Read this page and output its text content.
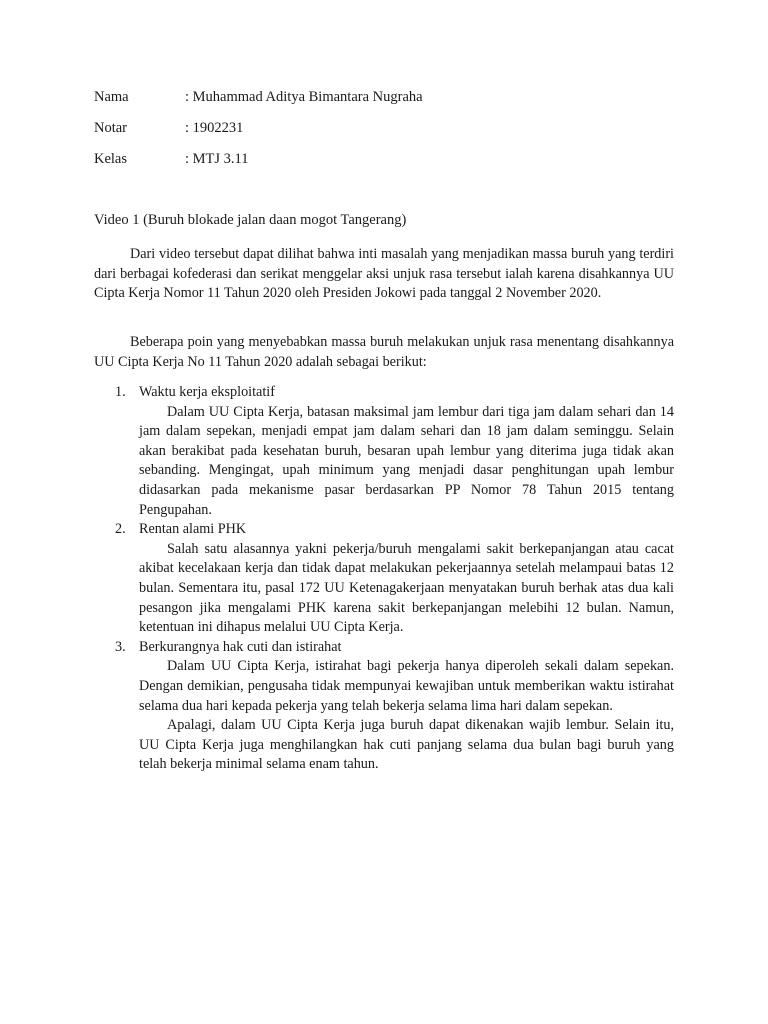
Nama	: Muhammad Aditya Bimantara Nugraha
Notar	: 1902231
Kelas	: MTJ 3.11
Video 1 (Buruh blokade jalan daan mogot Tangerang)

Dari video tersebut dapat dilihat bahwa inti masalah yang menjadikan massa buruh yang terdiri dari berbagai kofederasi dan serikat menggelar aksi unjuk rasa tersebut ialah karena disahkannya UU Cipta Kerja Nomor 11 Tahun 2020 oleh Presiden Jokowi pada tanggal 2 November 2020.

Beberapa poin yang menyebabkan massa buruh melakukan unjuk rasa menentang disahkannya UU Cipta Kerja No 11 Tahun 2020 adalah sebagai berikut:

1. Waktu kerja eksploitatif

Dalam UU Cipta Kerja, batasan maksimal jam lembur dari tiga jam dalam sehari dan 14 jam dalam sepekan, menjadi empat jam dalam sehari dan 18 jam dalam seminggu. Selain akan berakibat pada kesehatan buruh, besaran upah lembur yang diterima juga tidak akan sebanding. Mengingat, upah minimum yang menjadi dasar penghitungan upah lembur didasarkan pada mekanisme pasar berdasarkan PP Nomor 78 Tahun 2015 tentang Pengupahan.

2. Rentan alami PHK

Salah satu alasannya yakni pekerja/buruh mengalami sakit berkepanjangan atau cacat akibat kecelakaan kerja dan tidak dapat melakukan pekerjaannya setelah melampaui batas 12 bulan. Sementara itu, pasal 172 UU Ketenagakerjaan menyatakan buruh berhak atas dua kali pesangon jika mengalami PHK karena sakit berkepanjangan melebihi 12 bulan. Namun, ketentuan ini dihapus melalui UU Cipta Kerja.

3. Berkurangnya hak cuti dan istirahat

Dalam UU Cipta Kerja, istirahat bagi pekerja hanya diperoleh sekali dalam sepekan. Dengan demikian, pengusaha tidak mempunyai kewajiban untuk memberikan waktu istirahat selama dua hari kepada pekerja yang telah bekerja selama lima hari dalam sepekan.

Apalagi, dalam UU Cipta Kerja juga buruh dapat dikenakan wajib lembur. Selain itu, UU Cipta Kerja juga menghilangkan hak cuti panjang selama dua bulan bagi buruh yang telah bekerja minimal selama enam tahun.
